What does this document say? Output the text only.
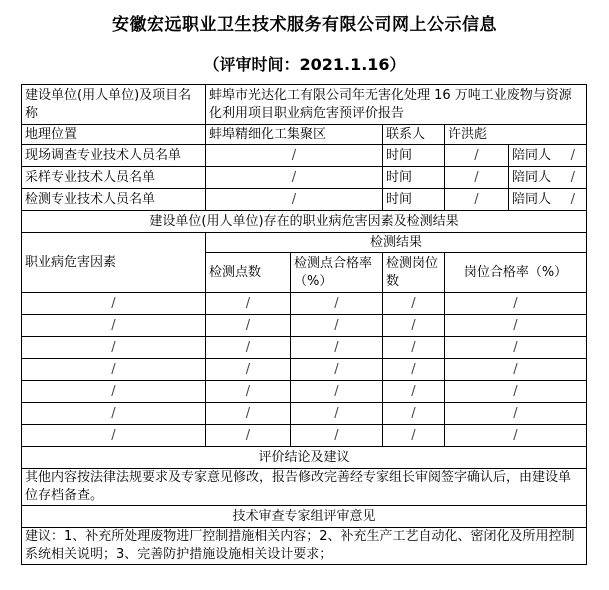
安徽宏远职业卫生技术服务有限公司网上公示信息
（评审时间：2021.1.16）
建设单位(用人单位)及项目名称	蚌埠市光达化工有限公司年无害化处理 16 万吨工业废物与资源化利用项目职业病危害预评价报告				
地理位置	蚌埠精细化工集聚区		联系人	许洪彪	
现场调查专业技术人员名单	/		时间	/	陪同人 /

采样专业技术人员名单	/		时间	/	陪同人 /

检测专业技术人员名单	/		时间	/	陪同人 /

建设单位(用人单位)存在的职业病危害因素及检测结果					
职业病危害因素	检测结果				
	检测点数	检测点合格率（%）	检测岗位数	岗位合格率（%）	
/	/	/	/	/	
/	/	/	/	/	
/	/	/	/	/	
/	/	/	/	/	
/	/	/	/	/	
/	/	/	/	/	
/	/	/	/	/	
评价结论及建议					
其他内容按法律法规要求及专家意见修改，报告修改完善经专家组长审阅签字确认后，由建设单位存档备查。					
技术审查专家组评审意见					
建议：1、补充所处理废物进厂控制措施相关内容；2、补充生产工艺自动化、密闭化及所用控制系统相关说明；3、完善防护措施设施相关设计要求；					
